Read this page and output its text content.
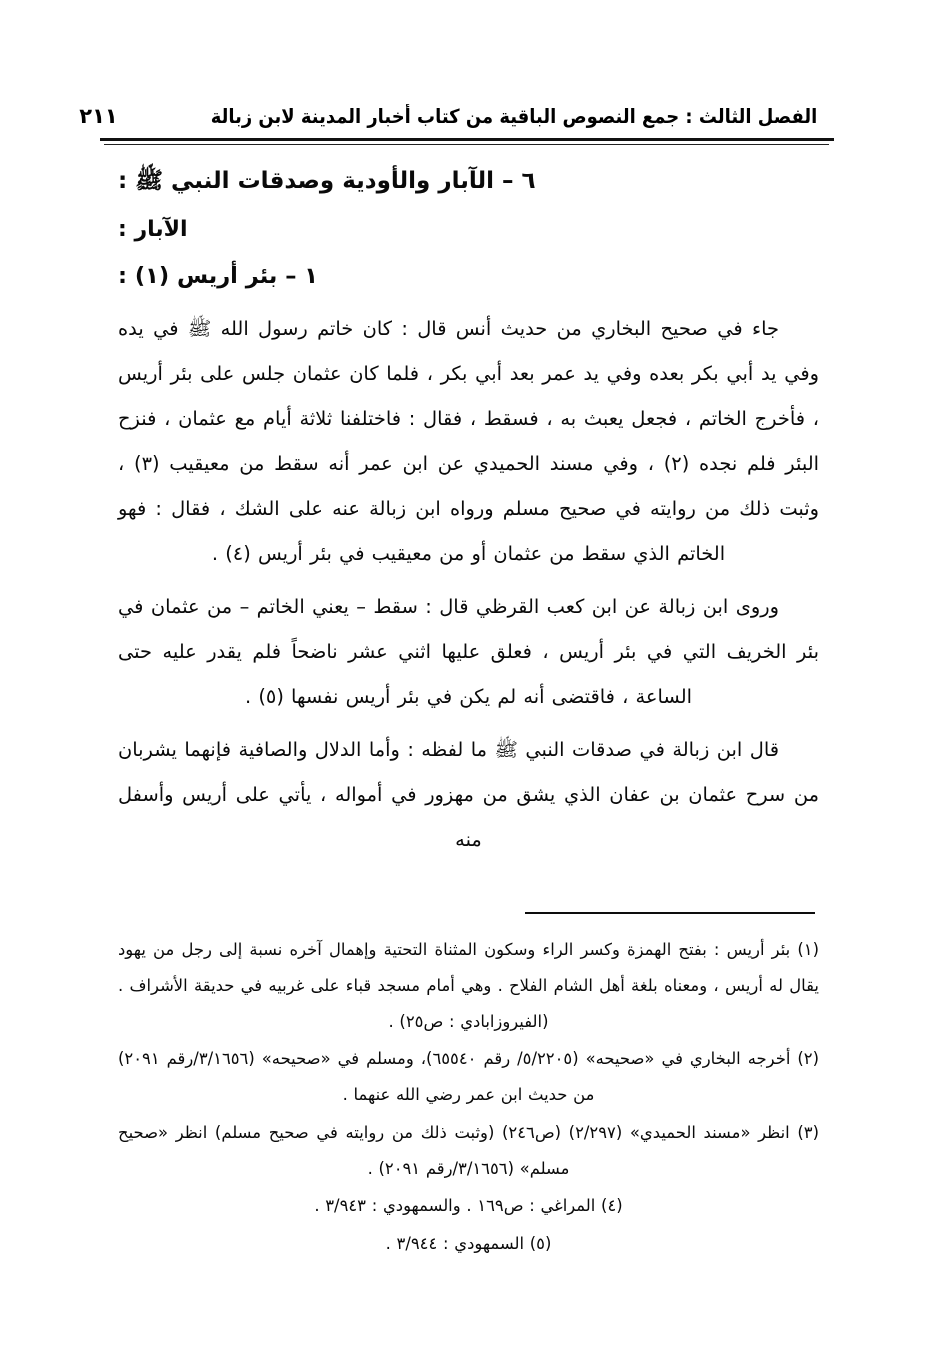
الفصل الثالث : جمع النصوص الباقية من كتاب أخبار المدينة لابن زبالة
٢١١
٦ – الآبار والأودية وصدقات النبي ﷺ :
الآبار :
١ – بئر أريس (١) :

جاء في صحيح البخاري من حديث أنس قال : كان خاتم رسول الله ﷺ في يده وفي يد أبي بكر بعده وفي يد عمر بعد أبي بكر ، فلما كان عثمان جلس على بئر أريس ، فأخرج الخاتم ، فجعل يعبث به ، فسقط ، فقال : فاختلفنا ثلاثة أيام مع عثمان ، فنزح البئر فلم نجده (٢) ، وفي مسند الحميدي عن ابن عمر أنه سقط من معيقيب (٣) ، وثبت ذلك من روايته في صحيح مسلم ورواه ابن زبالة عنه على الشك ، فقال : فهو الخاتم الذي سقط من عثمان أو من معيقيب في بئر أريس (٤) .

وروى ابن زبالة عن ابن كعب القرظي قال : سقط – يعني الخاتم – من عثمان في بئر الخريف التي في بئر أريس ، فعلق عليها اثني عشر ناضحاً فلم يقدر عليه حتى الساعة ، فاقتضى أنه لم يكن في بئر أريس نفسها (٥) .

قال ابن زبالة في صدقات النبي ﷺ ما لفظه : وأما الدلال والصافية فإنهما يشربان من سرح عثمان بن عفان الذي يشق من مهزور في أمواله ، يأتي على أريس وأسفل منه

(١) بئر أريس : بفتح الهمزة وكسر الراء وسكون المثناة التحتية وإهمال آخره نسبة إلى رجل من يهود يقال له أريس ، ومعناه بلغة أهل الشام الفلاح . وهي أمام مسجد قباء على غربيه في حديقة الأشراف . (الفيروزابادي : ص٢٥) .

(٢) أخرجه البخاري في «صحيحه» (٥/٢٢٠٥/ رقم ٦٥٥٤٠)، ومسلم في «صحيحه» (٣/١٦٥٦/رقم ٢٠٩١) من حديث ابن عمر رضي الله عنهما .

(٣) انظر «مسند الحميدي» (٢/٢٩٧) (ص٢٤٦) (وثبت ذلك من روايته في صحيح مسلم) انظر «صحيح مسلم» (٣/١٦٥٦/رقم ٢٠٩١) .

(٤) المراغي : ص١٦٩ . والسمهودي : ٣/٩٤٣ .

(٥) السمهودي : ٣/٩٤٤ .
